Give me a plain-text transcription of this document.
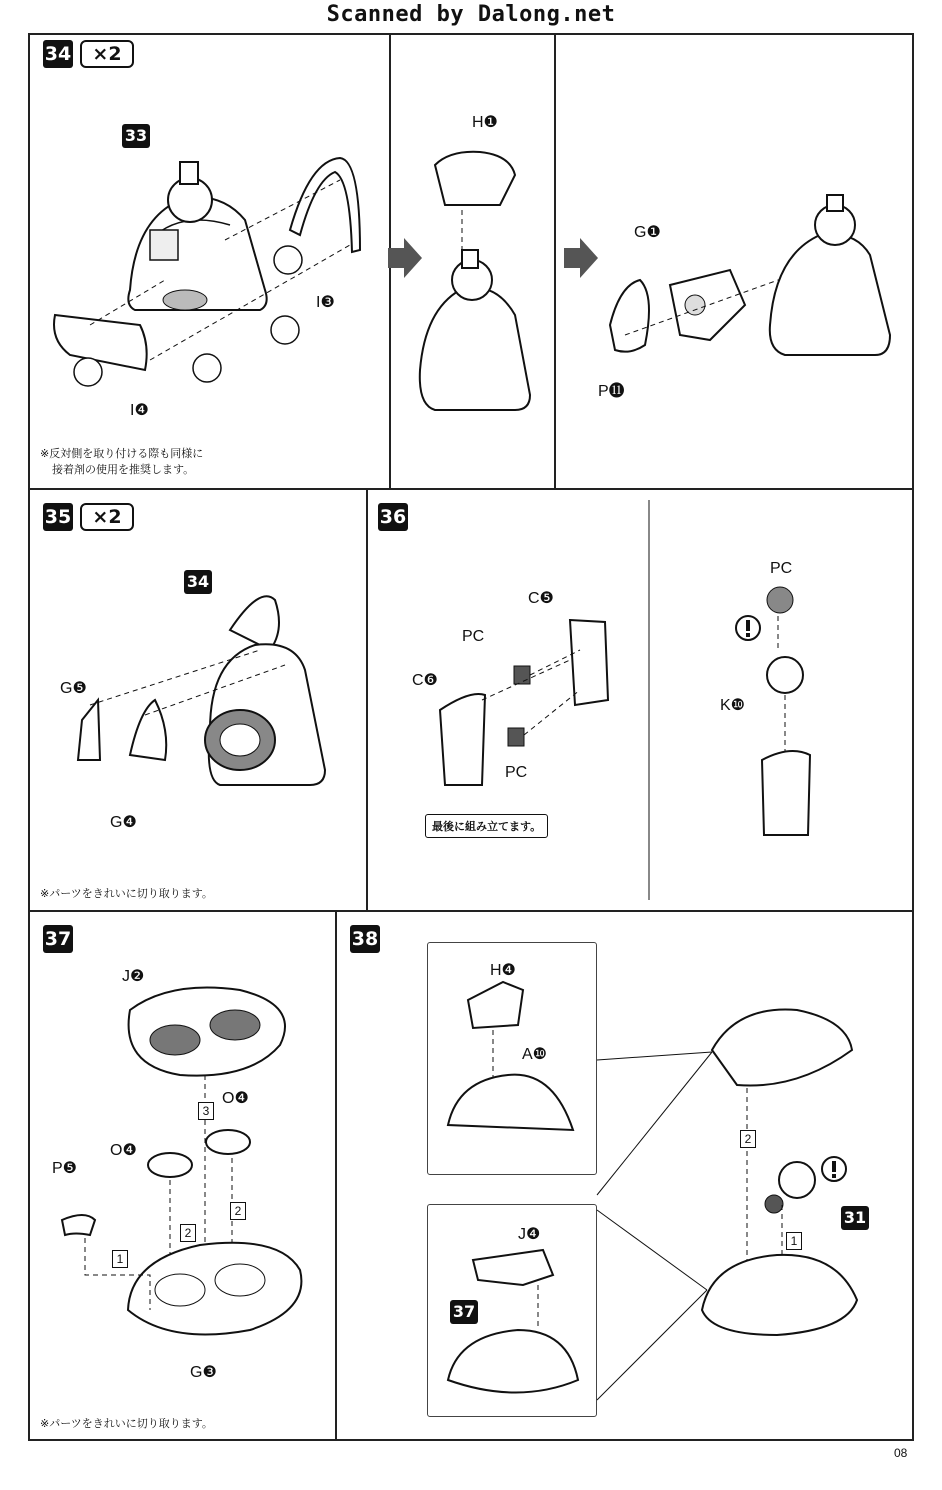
Scanned by Dalong.net
34	×2
33
I❸
I❹
※反対側を取り付ける際も同様に
接着剤の使用を推奨します。
H❶
G❶
P⓫
35	×2
34
G❺
G❹
※パーツをきれいに切り取ります。
36
C❺
PC
C❻
PC
最後に組み立てます。
PC
K❿
37
J❷
O❹
O❹
P❺
G❸
1
2
2
3
※パーツをきれいに切り取ります。
38
H❹
A❿
J❹
37
2
1
31
08
